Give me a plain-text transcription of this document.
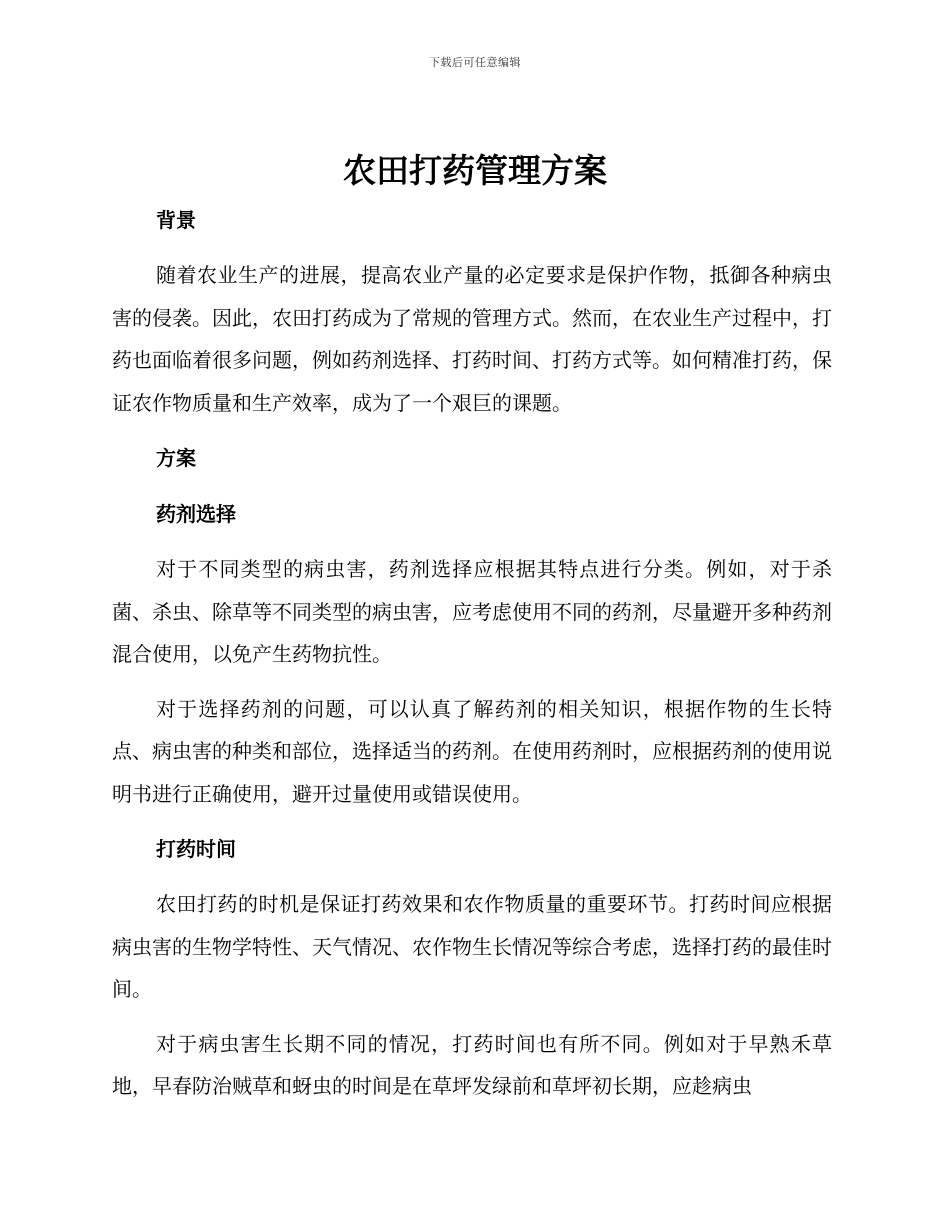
下载后可任意编辑
农田打药管理方案
背景

随着农业生产的进展，提高农业产量的必定要求是保护作物，抵御各种病虫害的侵袭。因此，农田打药成为了常规的管理方式。然而，在农业生产过程中，打药也面临着很多问题，例如药剂选择、打药时间、打药方式等。如何精准打药，保证农作物质量和生产效率，成为了一个艰巨的课题。

方案
药剂选择

对于不同类型的病虫害，药剂选择应根据其特点进行分类。例如，对于杀菌、杀虫、除草等不同类型的病虫害，应考虑使用不同的药剂，尽量避开多种药剂混合使用，以免产生药物抗性。

对于选择药剂的问题，可以认真了解药剂的相关知识，根据作物的生长特点、病虫害的种类和部位，选择适当的药剂。在使用药剂时，应根据药剂的使用说明书进行正确使用，避开过量使用或错误使用。

打药时间

农田打药的时机是保证打药效果和农作物质量的重要环节。打药时间应根据病虫害的生物学特性、天气情况、农作物生长情况等综合考虑，选择打药的最佳时间。

对于病虫害生长期不同的情况，打药时间也有所不同。例如对于早熟禾草地，早春防治贼草和蚜虫的时间是在草坪发绿前和草坪初长期，应趁病虫
